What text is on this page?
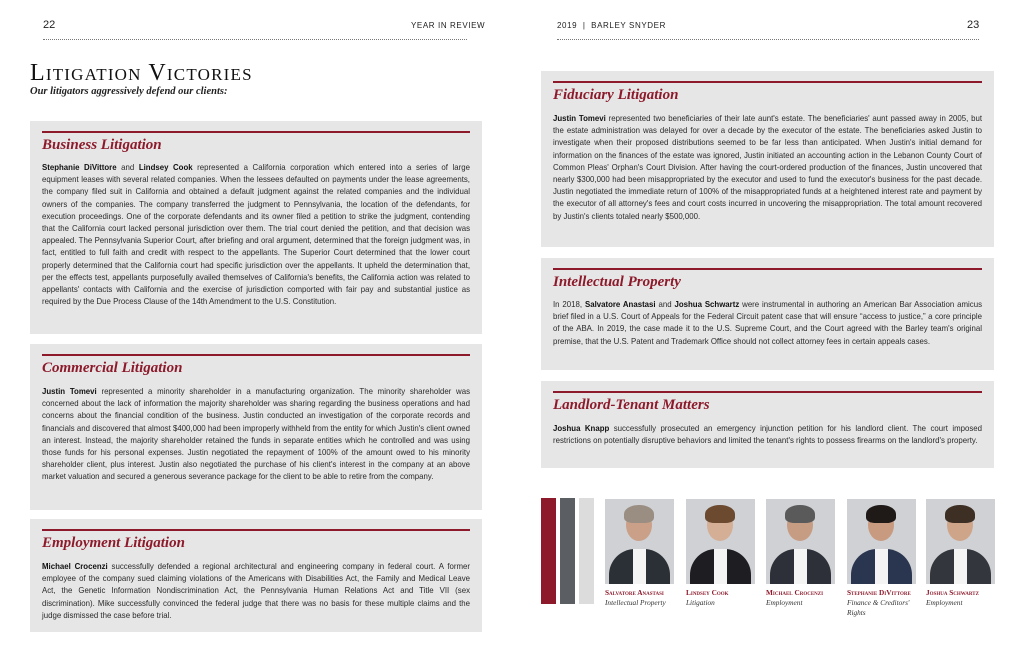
22	YEAR IN REVIEW	2019  |  BARLEY SNYDER	23
Litigation Victories
Our litigators aggressively defend our clients:
Business Litigation

Stephanie DiVittore and Lindsey Cook represented a California corporation which entered into a series of large equipment leases with several related companies. When the lessees defaulted on payments under the lease agreements, the company filed suit in California and obtained a default judgment against the related companies and the individual owners of the companies. The company transferred the judgment to Pennsylvania, the location of the defendants, for execution proceedings. One of the corporate defendants and its owner filed a petition to strike the judgment, contending that the California court lacked personal jurisdiction over them. The trial court denied the petition, and that decision was appealed. The Pennsylvania Superior Court, after briefing and oral argument, determined that the foreign judgment was, in fact, entitled to full faith and credit with respect to the appellants. The Superior Court determined that the lower court properly determined that the California court had specific jurisdiction over the appellants. It upheld the determination that, per the effects test, appellants purposefully availed themselves of California's benefits, the California action was related to appellants' contacts with California and the exercise of jurisdiction comported with fair pay and substantial justice as required by the Due Process Clause of the 14th Amendment to the U.S. Constitution.

Commercial Litigation

Justin Tomevi represented a minority shareholder in a manufacturing organization. The minority shareholder was concerned about the lack of information the majority shareholder was sharing regarding the business operations and had concerns about the financial condition of the business. Justin conducted an investigation of the corporate records and financials and discovered that almost $400,000 had been improperly withheld from the entity for which Justin's client owned an interest. Instead, the majority shareholder retained the funds in separate entities which he controlled and was using those funds for his personal expenses. Justin negotiated the repayment of 100% of the amount owed to his minority shareholder client, plus interest. Justin also negotiated the purchase of his client's interest in the company at an above market valuation and secured a generous severance package for the client to be able to retire from the company.

Employment Litigation

Michael Crocenzi successfully defended a regional architectural and engineering company in federal court. A former employee of the company sued claiming violations of the Americans with Disabilities Act, the Family and Medical Leave Act, the Genetic Information Nondiscrimination Act, the Pennsylvania Human Relations Act and Title VII (sex discrimination). Mike successfully convinced the federal judge that there was no basis for these multiple claims and the judge dismissed the case before trial.

Fiduciary Litigation

Justin Tomevi represented two beneficiaries of their late aunt's estate. The beneficiaries' aunt passed away in 2005, but the estate administration was delayed for over a decade by the executor of the estate. The beneficiaries asked Justin to investigate when their proposed distributions seemed to be far less than anticipated. When Justin's initial demand for information on the finances of the estate was ignored, Justin initiated an accounting action in the Lebanon County Court of Common Pleas' Orphan's Court Division. After having the court-ordered production of the finances, Justin uncovered that nearly $300,000 had been misappropriated by the executor and used to fund the executor's business for the past decade. Justin negotiated the immediate return of 100% of the misappropriated funds at a heightened interest rate and payment by the executor of all attorney's fees and court costs incurred in uncovering the misappropriation. The total amount recovered by Justin's clients totaled nearly $500,000.

Intellectual Property

In 2018, Salvatore Anastasi and Joshua Schwartz were instrumental in authoring an American Bar Association amicus brief filed in a U.S. Court of Appeals for the Federal Circuit patent case that will ensure “access to justice,” a core principle of the ABA. In 2019, the case made it to the U.S. Supreme Court, and the Court agreed with the Barley team's original premise, that the U.S. Patent and Trademark Office should not collect attorney fees in certain appeals cases.

Landlord-Tenant Matters

Joshua Knapp successfully prosecuted an emergency injunction petition for his landlord client. The court imposed restrictions on potentially disruptive behaviors and limited the tenant's rights to possess firearms on the landlord's property.

Salvatore Anastasi
Intellectual Property
Lindsey Cook
Litigation
Michael Crocenzi
Employment
Stephanie DiVittore
Finance & Creditors' Rights
Joshua Schwartz
Employment
